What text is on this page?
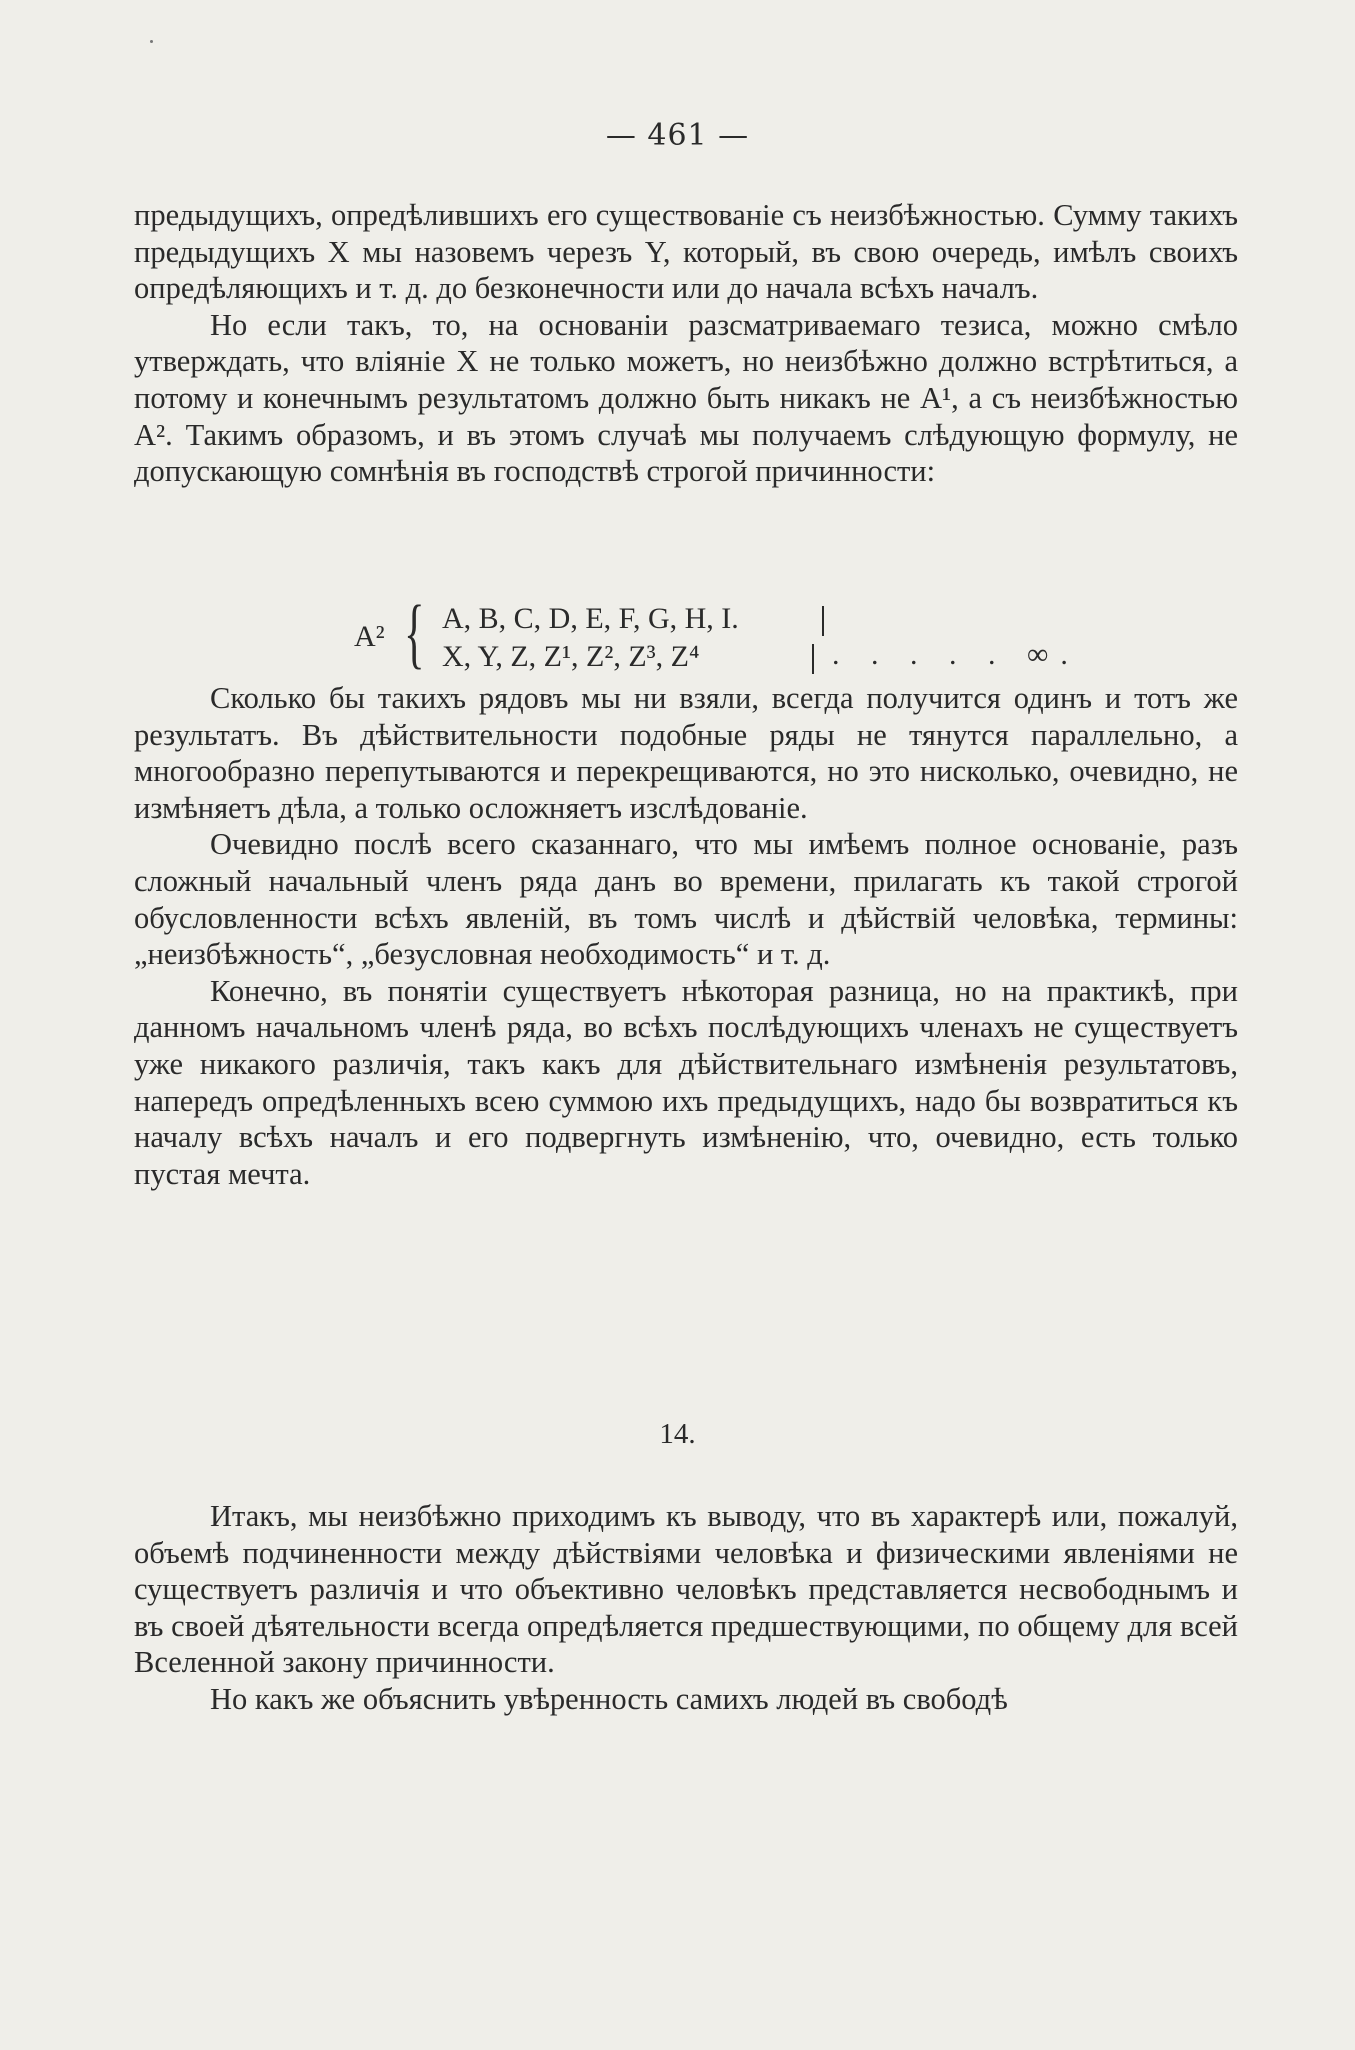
— 461 —

предыдущихъ, опредѣлившихъ его существованіе съ неизбѣжностью. Сумму такихъ предыдущихъ X мы назовемъ черезъ Y, который, въ свою очередь, имѣлъ своихъ опредѣляющихъ и т. д. до безконечности или до начала всѣхъ началъ.

Но если такъ, то, на основаніи разсматриваемаго тезиса, можно смѣло утверждать, что вліяніе X не только можетъ, но неизбѣжно должно встрѣтиться, а потому и конечнымъ результатомъ должно быть никакъ не A¹, а съ неизбѣжностью A². Такимъ образомъ, и въ этомъ случаѣ мы получаемъ слѣдующую формулу, не допускающую сомнѣнія въ господствѣ строгой причинности:

A² { A, B, C, D, E, F, G, H, I.
X, Y, Z, Z¹, Z², Z³, Z⁴	. . . . . ∞.

Сколько бы такихъ рядовъ мы ни взяли, всегда получится одинъ и тотъ же результатъ. Въ дѣйствительности подобные ряды не тянутся параллельно, а многообразно перепутываются и перекрещиваются, но это нисколько, очевидно, не измѣняетъ дѣла, а только осложняетъ изслѣдованіе.

Очевидно послѣ всего сказаннаго, что мы имѣемъ полное основаніе, разъ сложный начальный членъ ряда данъ во времени, прилагать къ такой строгой обусловленности всѣхъ явленій, въ томъ числѣ и дѣйствій человѣка, термины: „неизбѣжность“, „безусловная необходимость“ и т. д.

Конечно, въ понятіи существуетъ нѣкоторая разница, но на практикѣ, при данномъ начальномъ членѣ ряда, во всѣхъ послѣдующихъ членахъ не существуетъ уже никакого различія, такъ какъ для дѣйствительнаго измѣненія результатовъ, напередъ опредѣленныхъ всею суммою ихъ предыдущихъ, надо бы возвратиться къ началу всѣхъ началъ и его подвергнуть измѣненію, что, очевидно, есть только пустая мечта.

14.

Итакъ, мы неизбѣжно приходимъ къ выводу, что въ характерѣ или, пожалуй, объемѣ подчиненности между дѣйствіями человѣка и физическими явленіями не существуетъ различія и что объективно человѣкъ представляется несвободнымъ и въ своей дѣятельности всегда опредѣляется предшествующими, по общему для всей Вселенной закону причинности.

Но какъ же объяснить увѣренность самихъ людей въ свободѣ
